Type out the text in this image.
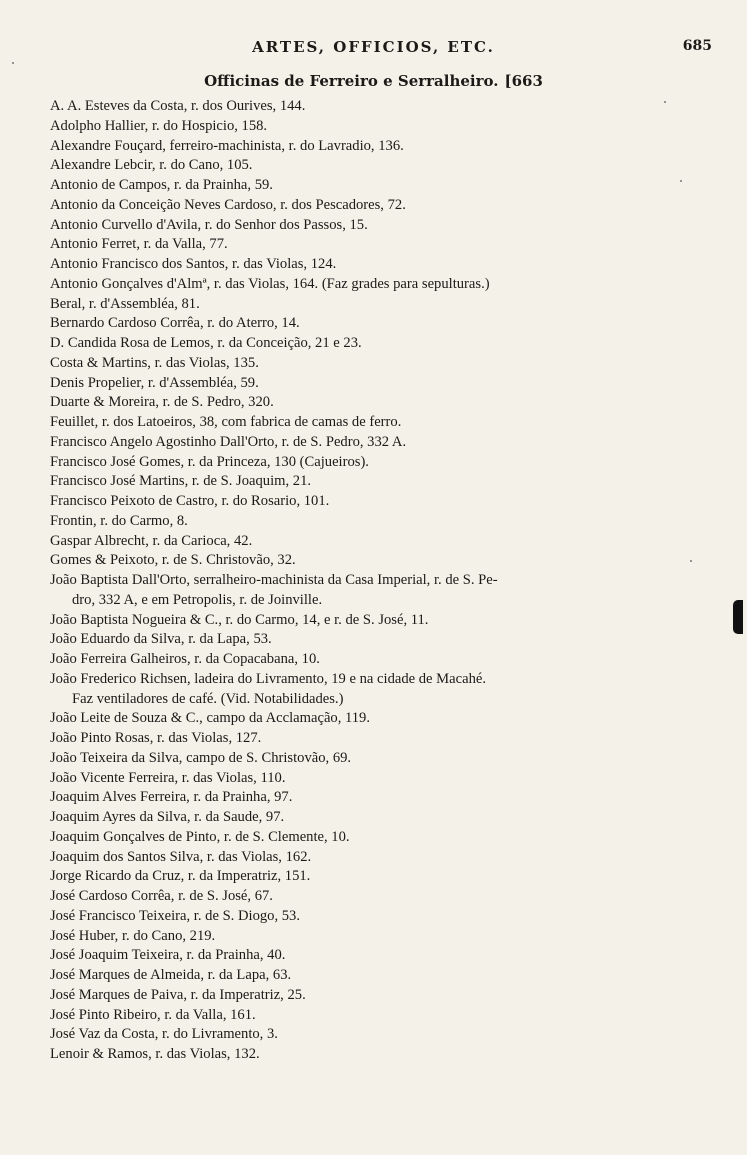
ARTES, OFFICIOS, ETC.	685
Officinas de Ferreiro e Serralheiro. [663
A. A. Esteves da Costa, r. dos Ourives, 144.
Adolpho Hallier, r. do Hospicio, 158.
Alexandre Fouçard, ferreiro-machinista, r. do Lavradio, 136.
Alexandre Lebcir, r. do Cano, 105.
Antonio de Campos, r. da Prainha, 59.
Antonio da Conceição Neves Cardoso, r. dos Pescadores, 72.
Antonio Curvello d'Avila, r. do Senhor dos Passos, 15.
Antonio Ferret, r. da Valla, 77.
Antonio Francisco dos Santos, r. das Violas, 124.
Antonio Gonçalves d'Almª, r. das Violas, 164. (Faz grades para sepulturas.)
Beral, r. d'Assembléa, 81.
Bernardo Cardoso Corrêa, r. do Aterro, 14.
D. Candida Rosa de Lemos, r. da Conceição, 21 e 23.
Costa & Martins, r. das Violas, 135.
Denis Propelier, r. d'Assembléa, 59.
Duarte & Moreira, r. de S. Pedro, 320.
Feuillet, r. dos Latoeiros, 38, com fabrica de camas de ferro.
Francisco Angelo Agostinho Dall'Orto, r. de S. Pedro, 332 A.
Francisco José Gomes, r. da Princeza, 130 (Cajueiros).
Francisco José Martins, r. de S. Joaquim, 21.
Francisco Peixoto de Castro, r. do Rosario, 101.
Frontin, r. do Carmo, 8.
Gaspar Albrecht, r. da Carioca, 42.
Gomes & Peixoto, r. de S. Christovão, 32.
João Baptista Dall'Orto, serralheiro-machinista da Casa Imperial, r. de S. Pe-
dro, 332 A, e em Petropolis, r. de Joinville.
João Baptista Nogueira & C., r. do Carmo, 14, e r. de S. José, 11.
João Eduardo da Silva, r. da Lapa, 53.
João Ferreira Galheiros, r. da Copacabana, 10.
João Frederico Richsen, ladeira do Livramento, 19 e na cidade de Macahé.
Faz ventiladores de café. (Vid. Notabilidades.)
João Leite de Souza & C., campo da Acclamação, 119.
João Pinto Rosas, r. das Violas, 127.
João Teixeira da Silva, campo de S. Christovão, 69.
João Vicente Ferreira, r. das Violas, 110.
Joaquim Alves Ferreira, r. da Prainha, 97.
Joaquim Ayres da Silva, r. da Saude, 97.
Joaquim Gonçalves de Pinto, r. de S. Clemente, 10.
Joaquim dos Santos Silva, r. das Violas, 162.
Jorge Ricardo da Cruz, r. da Imperatriz, 151.
José Cardoso Corrêa, r. de S. José, 67.
José Francisco Teixeira, r. de S. Diogo, 53.
José Huber, r. do Cano, 219.
José Joaquim Teixeira, r. da Prainha, 40.
José Marques de Almeida, r. da Lapa, 63.
José Marques de Paiva, r. da Imperatriz, 25.
José Pinto Ribeiro, r. da Valla, 161.
José Vaz da Costa, r. do Livramento, 3.
Lenoir & Ramos, r. das Violas, 132.
